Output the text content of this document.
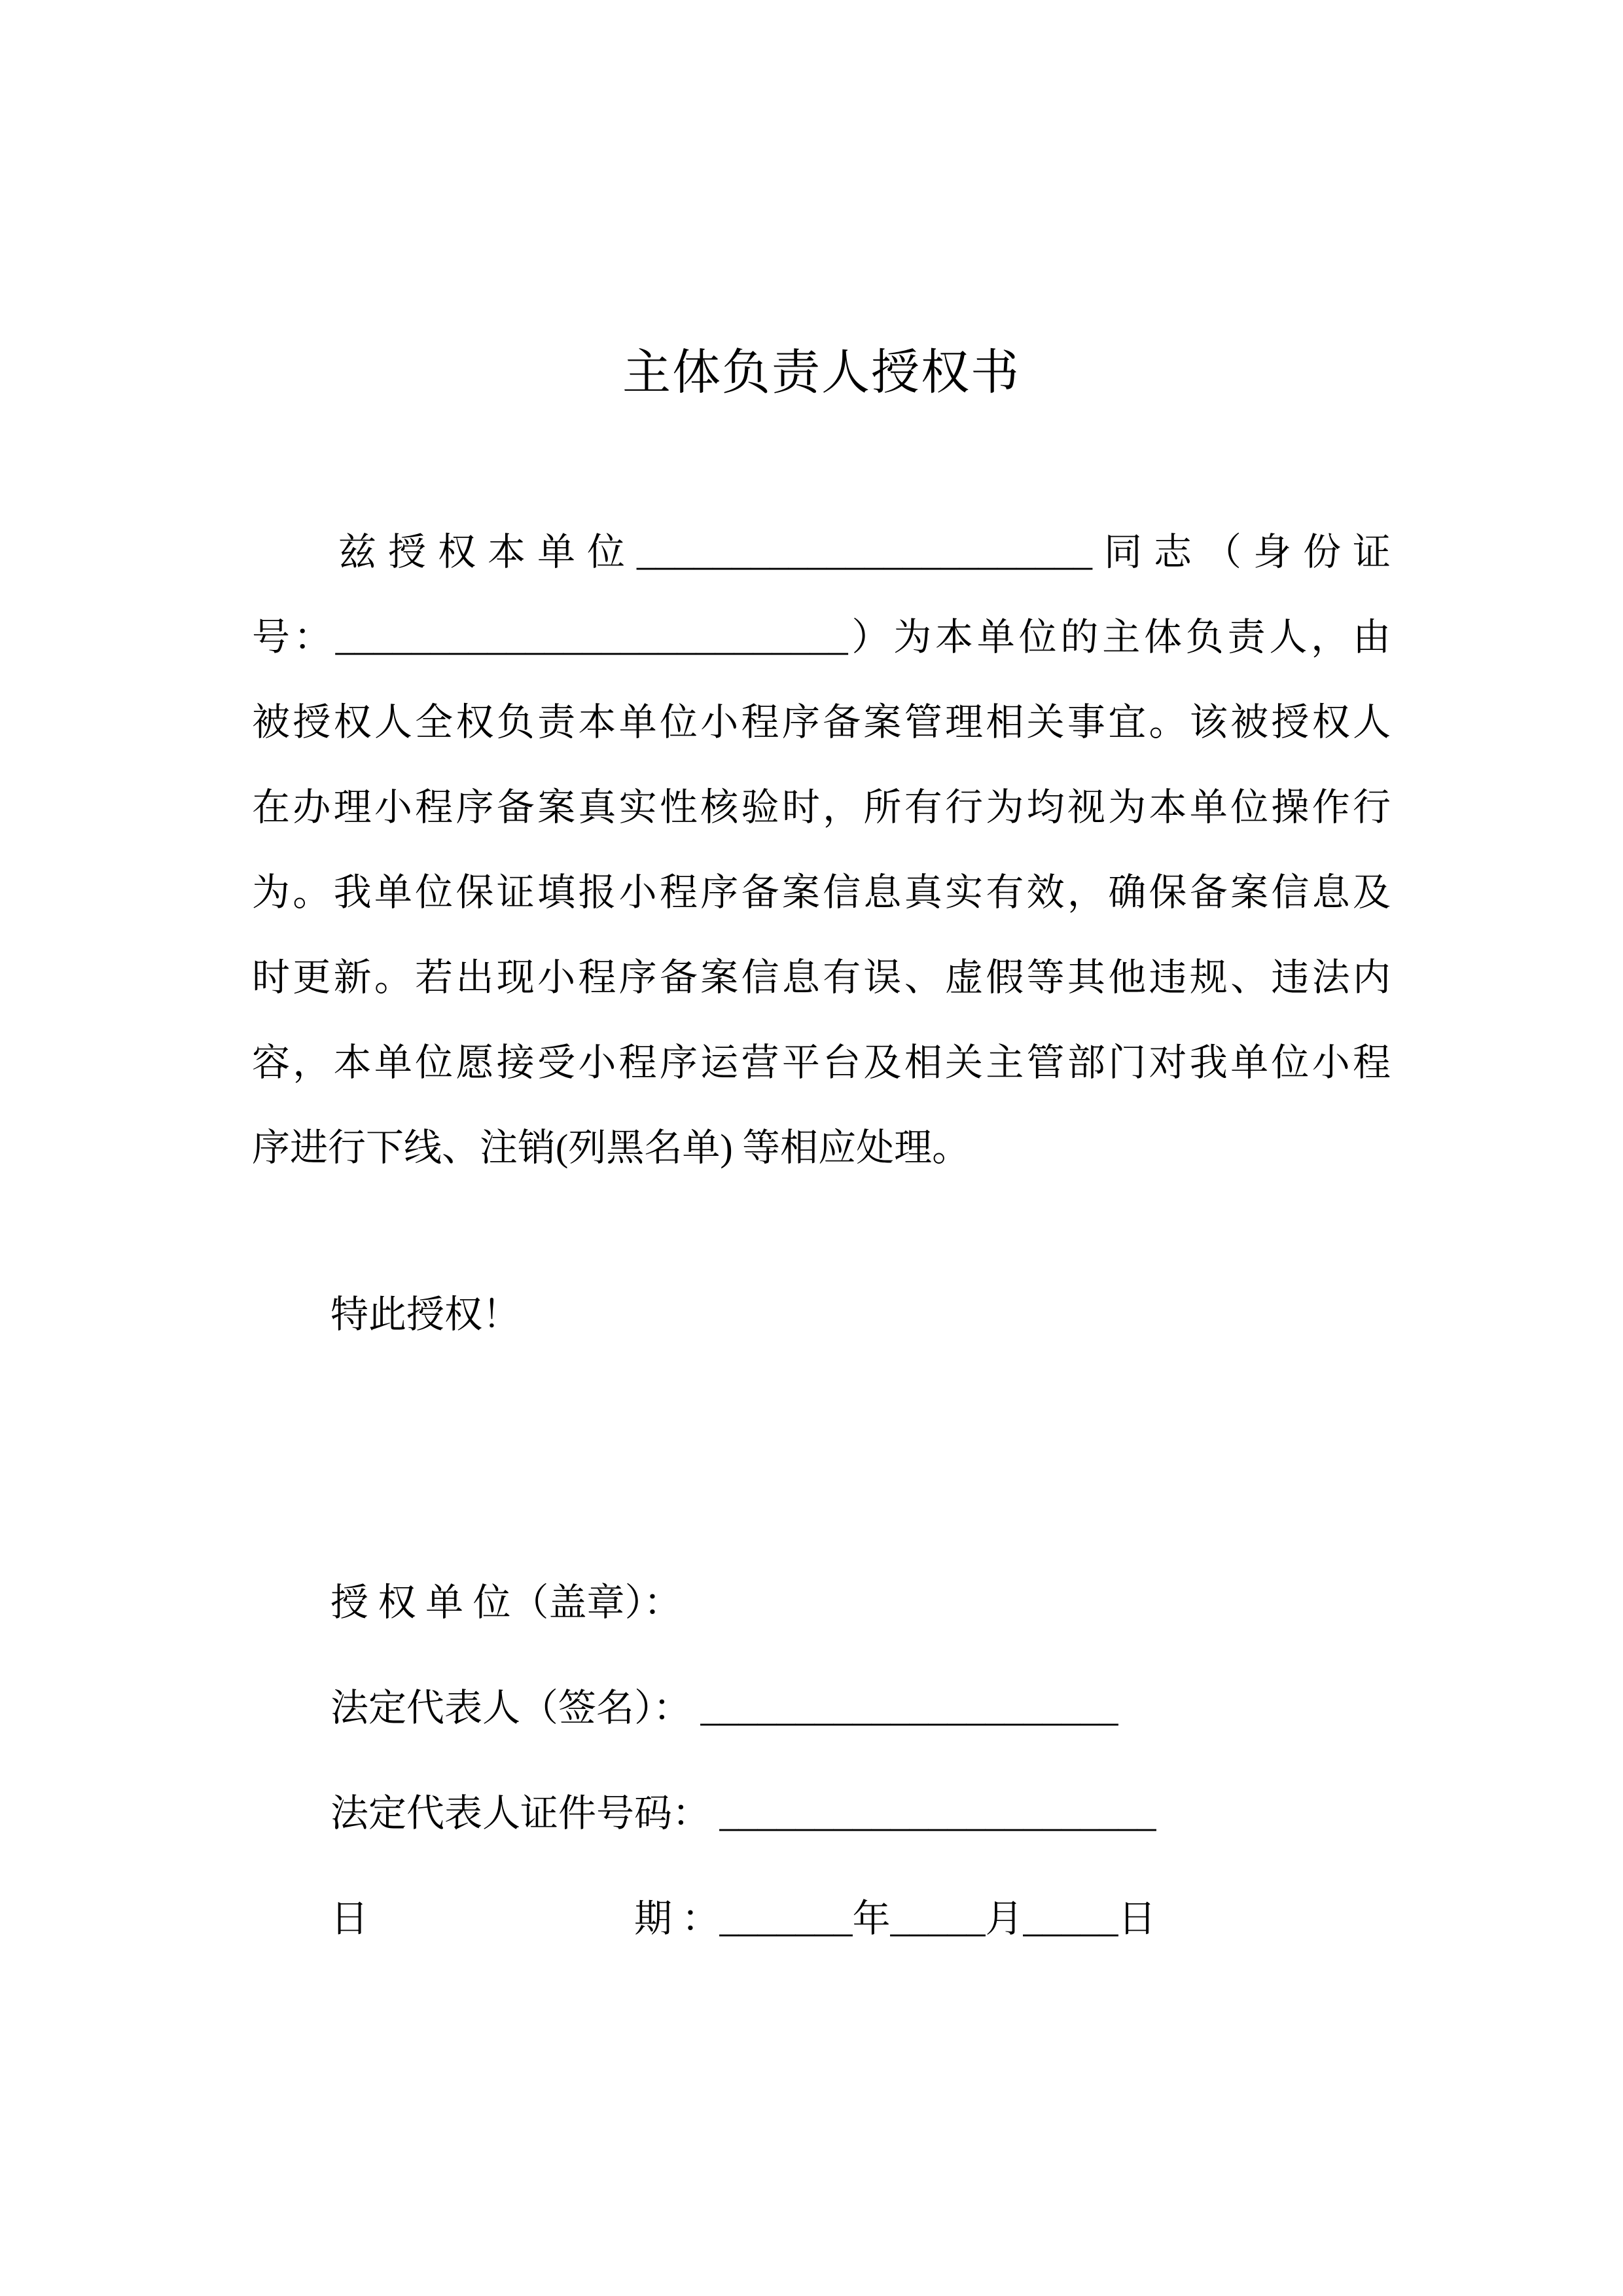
主体负责人授权书
兹授权本单位________________________同志（身份证
号：___________________________）为本单位的主体负责人，由
被授权人全权负责本单位小程序备案管理相关事宜。该被授权人
在办理小程序备案真实性核验时，所有行为均视为本单位操作行
为。我单位保证填报小程序备案信息真实有效，确保备案信息及
时更新。若出现小程序备案信息有误、虚假等其他违规、违法内
容，本单位愿接受小程序运营平台及相关主管部门对我单位小程
序进行下线、注销(列黑名单) 等相应处理。
特此授权！
授 权 单 位（盖章）：
法定代表人（签名）： ______________________
法定代表人证件号码： _______________________
日                            期 ：_______年_____月_____日
